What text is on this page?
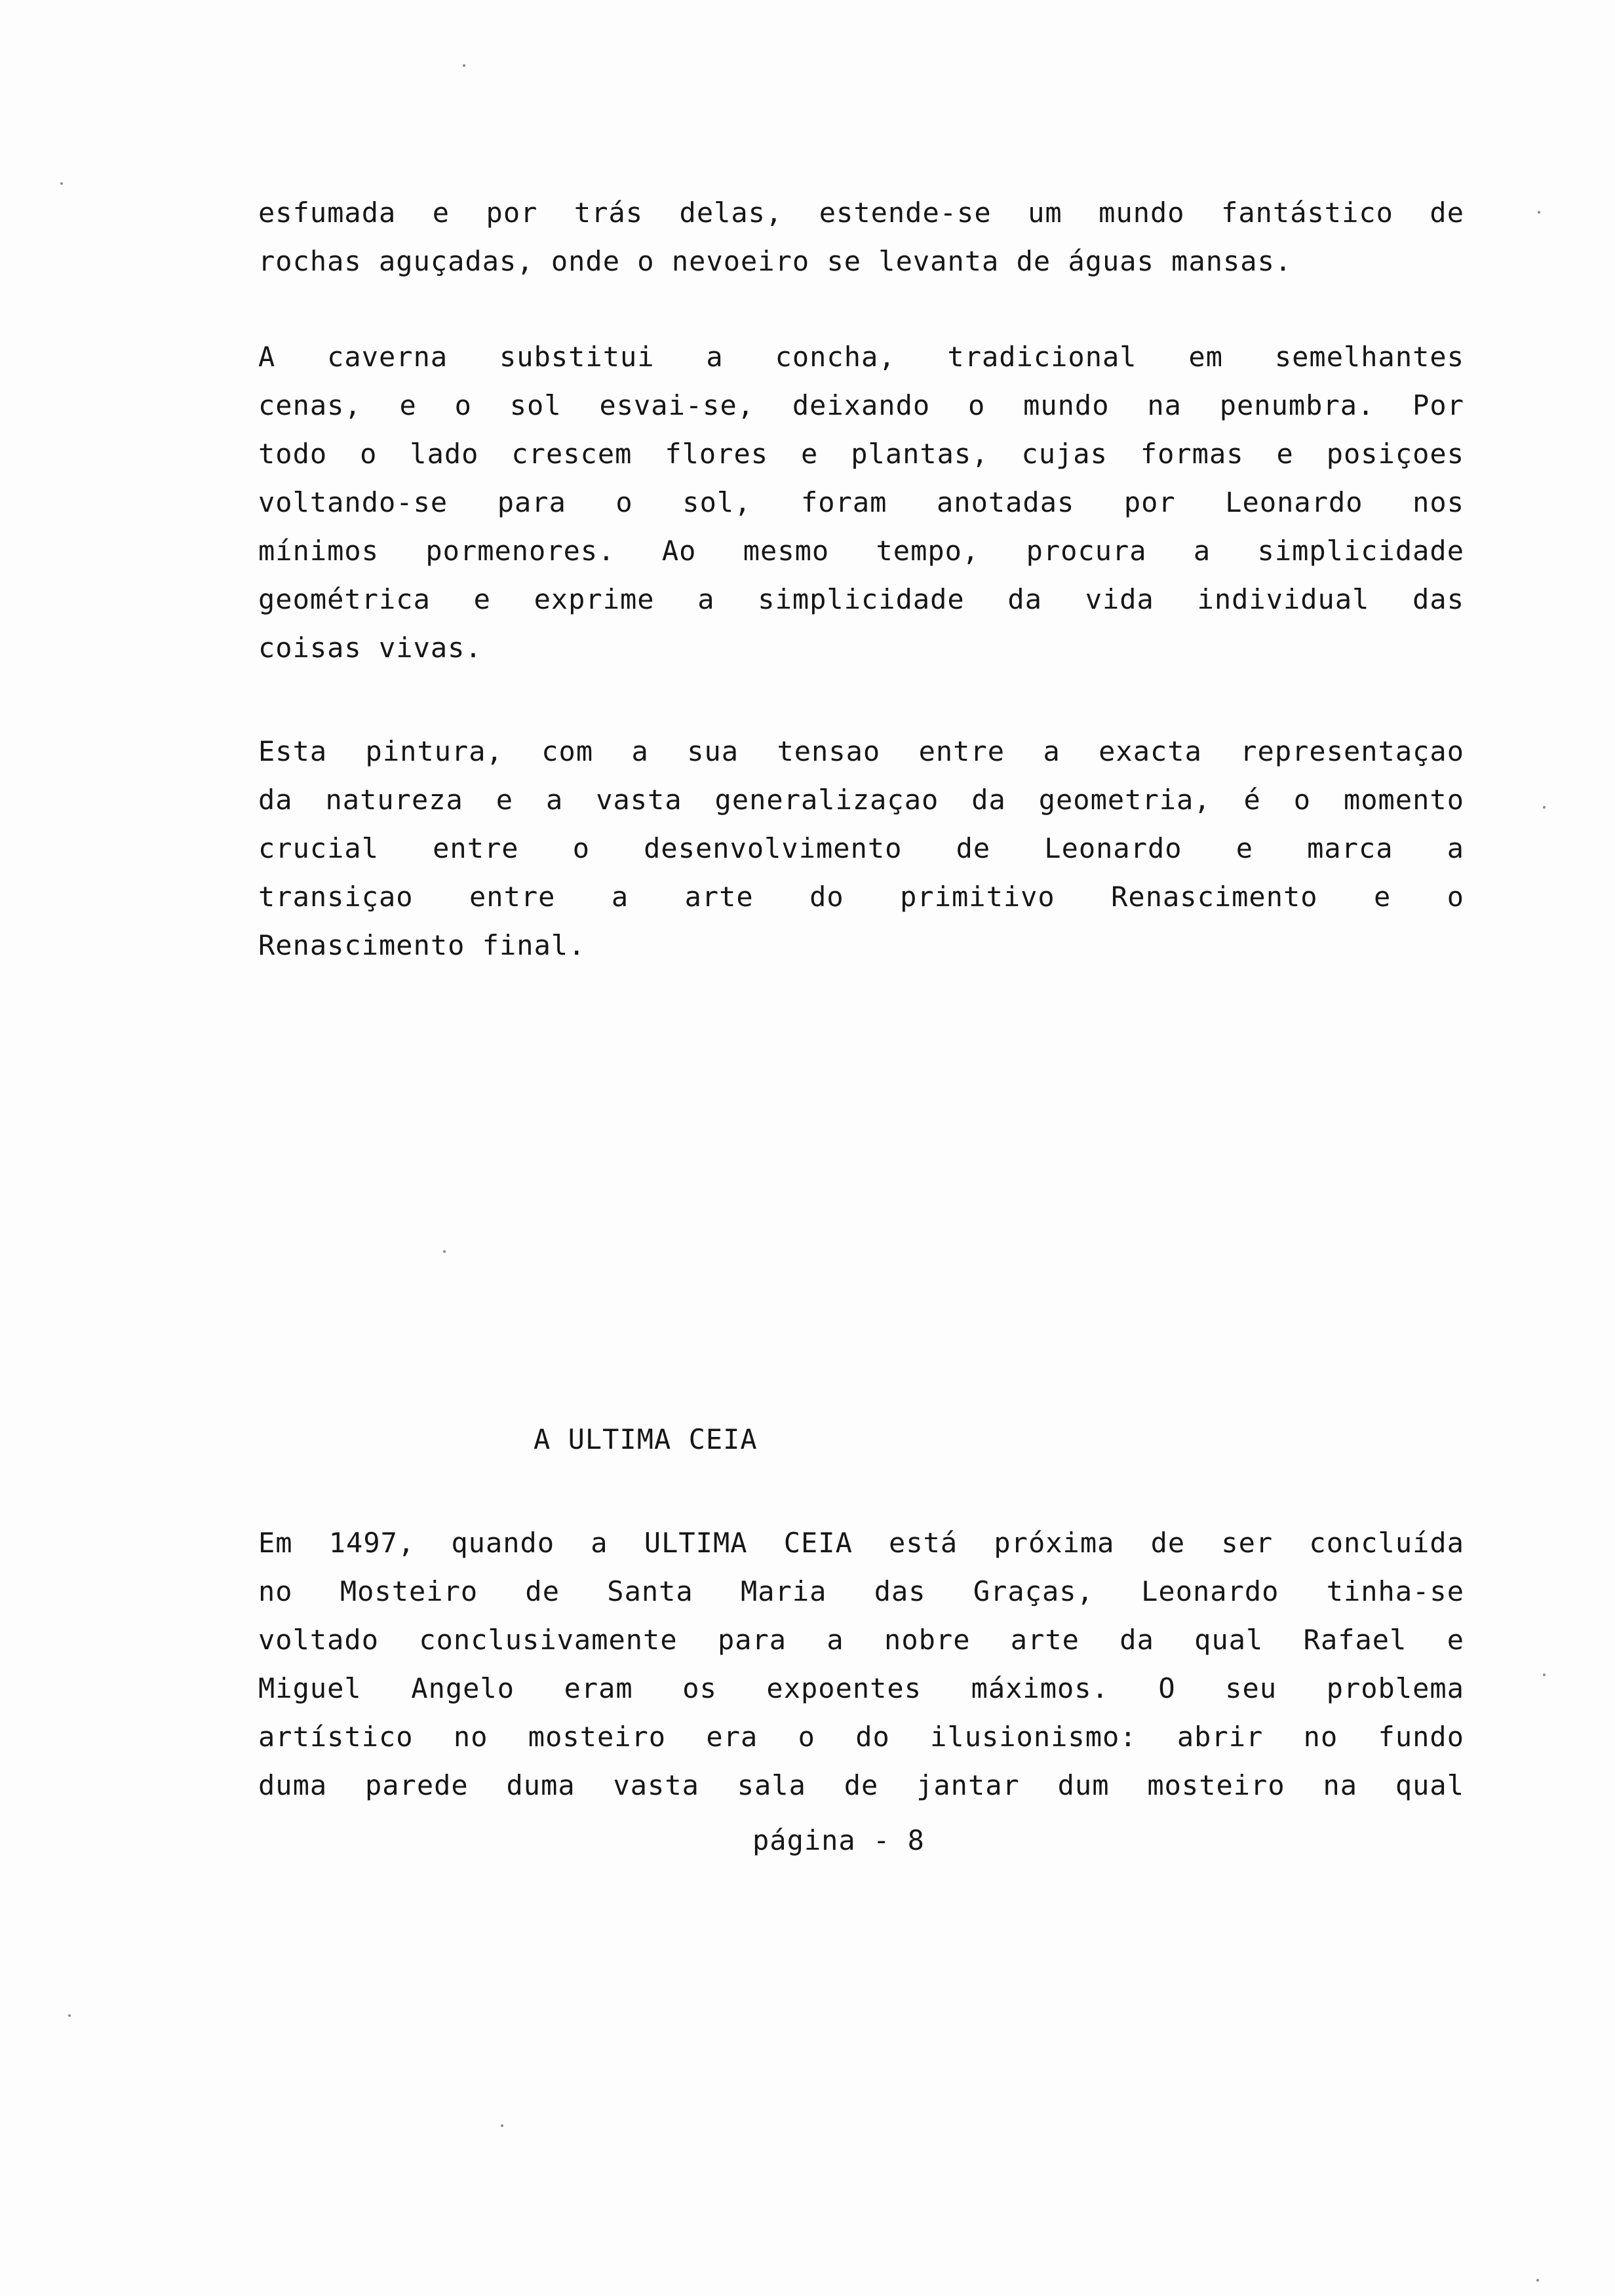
esfumada e por trás delas, estende-se um mundo fantástico de
rochas aguçadas, onde o nevoeiro se levanta de águas mansas.
A caverna substitui a concha, tradicional em semelhantes
cenas, e o sol esvai-se, deixando o mundo na penumbra. Por
todo o lado crescem flores e plantas, cujas formas e posiçoes
voltando-se para o sol, foram anotadas por Leonardo nos
mínimos pormenores. Ao mesmo tempo, procura a simplicidade
geométrica e exprime a simplicidade da vida individual das
coisas vivas.
Esta pintura, com a sua tensao entre a exacta representaçao
da natureza e a vasta generalizaçao da geometria, é o momento
crucial entre o desenvolvimento de Leonardo e marca a
transiçao entre a arte do primitivo Renascimento e o
Renascimento final.
A ULTIMA CEIA
Em 1497, quando a ULTIMA CEIA está próxima de ser concluída
no Mosteiro de Santa Maria das Graças, Leonardo tinha-se
voltado conclusivamente para a nobre arte da qual Rafael e
Miguel Angelo eram os expoentes máximos. O seu problema
artístico no mosteiro era o do ilusionismo: abrir no fundo
duma parede duma vasta sala de jantar dum mosteiro na qual
página - 8
